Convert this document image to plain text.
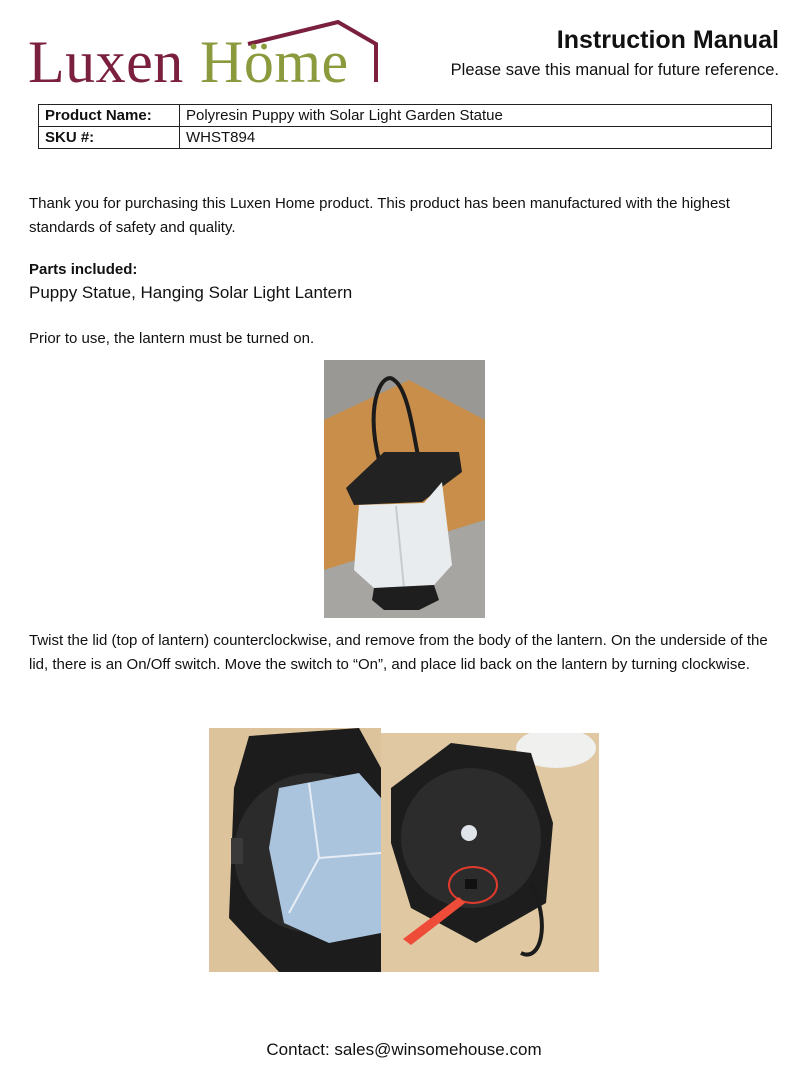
Luxen Höme	Instruction Manual
Please save this manual for future reference.
Product Name:	Polyresin Puppy with Solar Light Garden Statue
SKU #:	WHST894
Thank you for purchasing this Luxen Home product. This product has been manufactured with the highest standards of safety and quality.
Parts included:
Puppy Statue, Hanging Solar Light Lantern
Prior to use, the lantern must be turned on.
Twist the lid (top of lantern) counterclockwise, and remove from the body of the lantern. On the underside of the lid, there is an On/Off switch. Move the switch to “On”, and place lid back on the lantern by turning clockwise.
Contact: sales@winsomehouse.com
